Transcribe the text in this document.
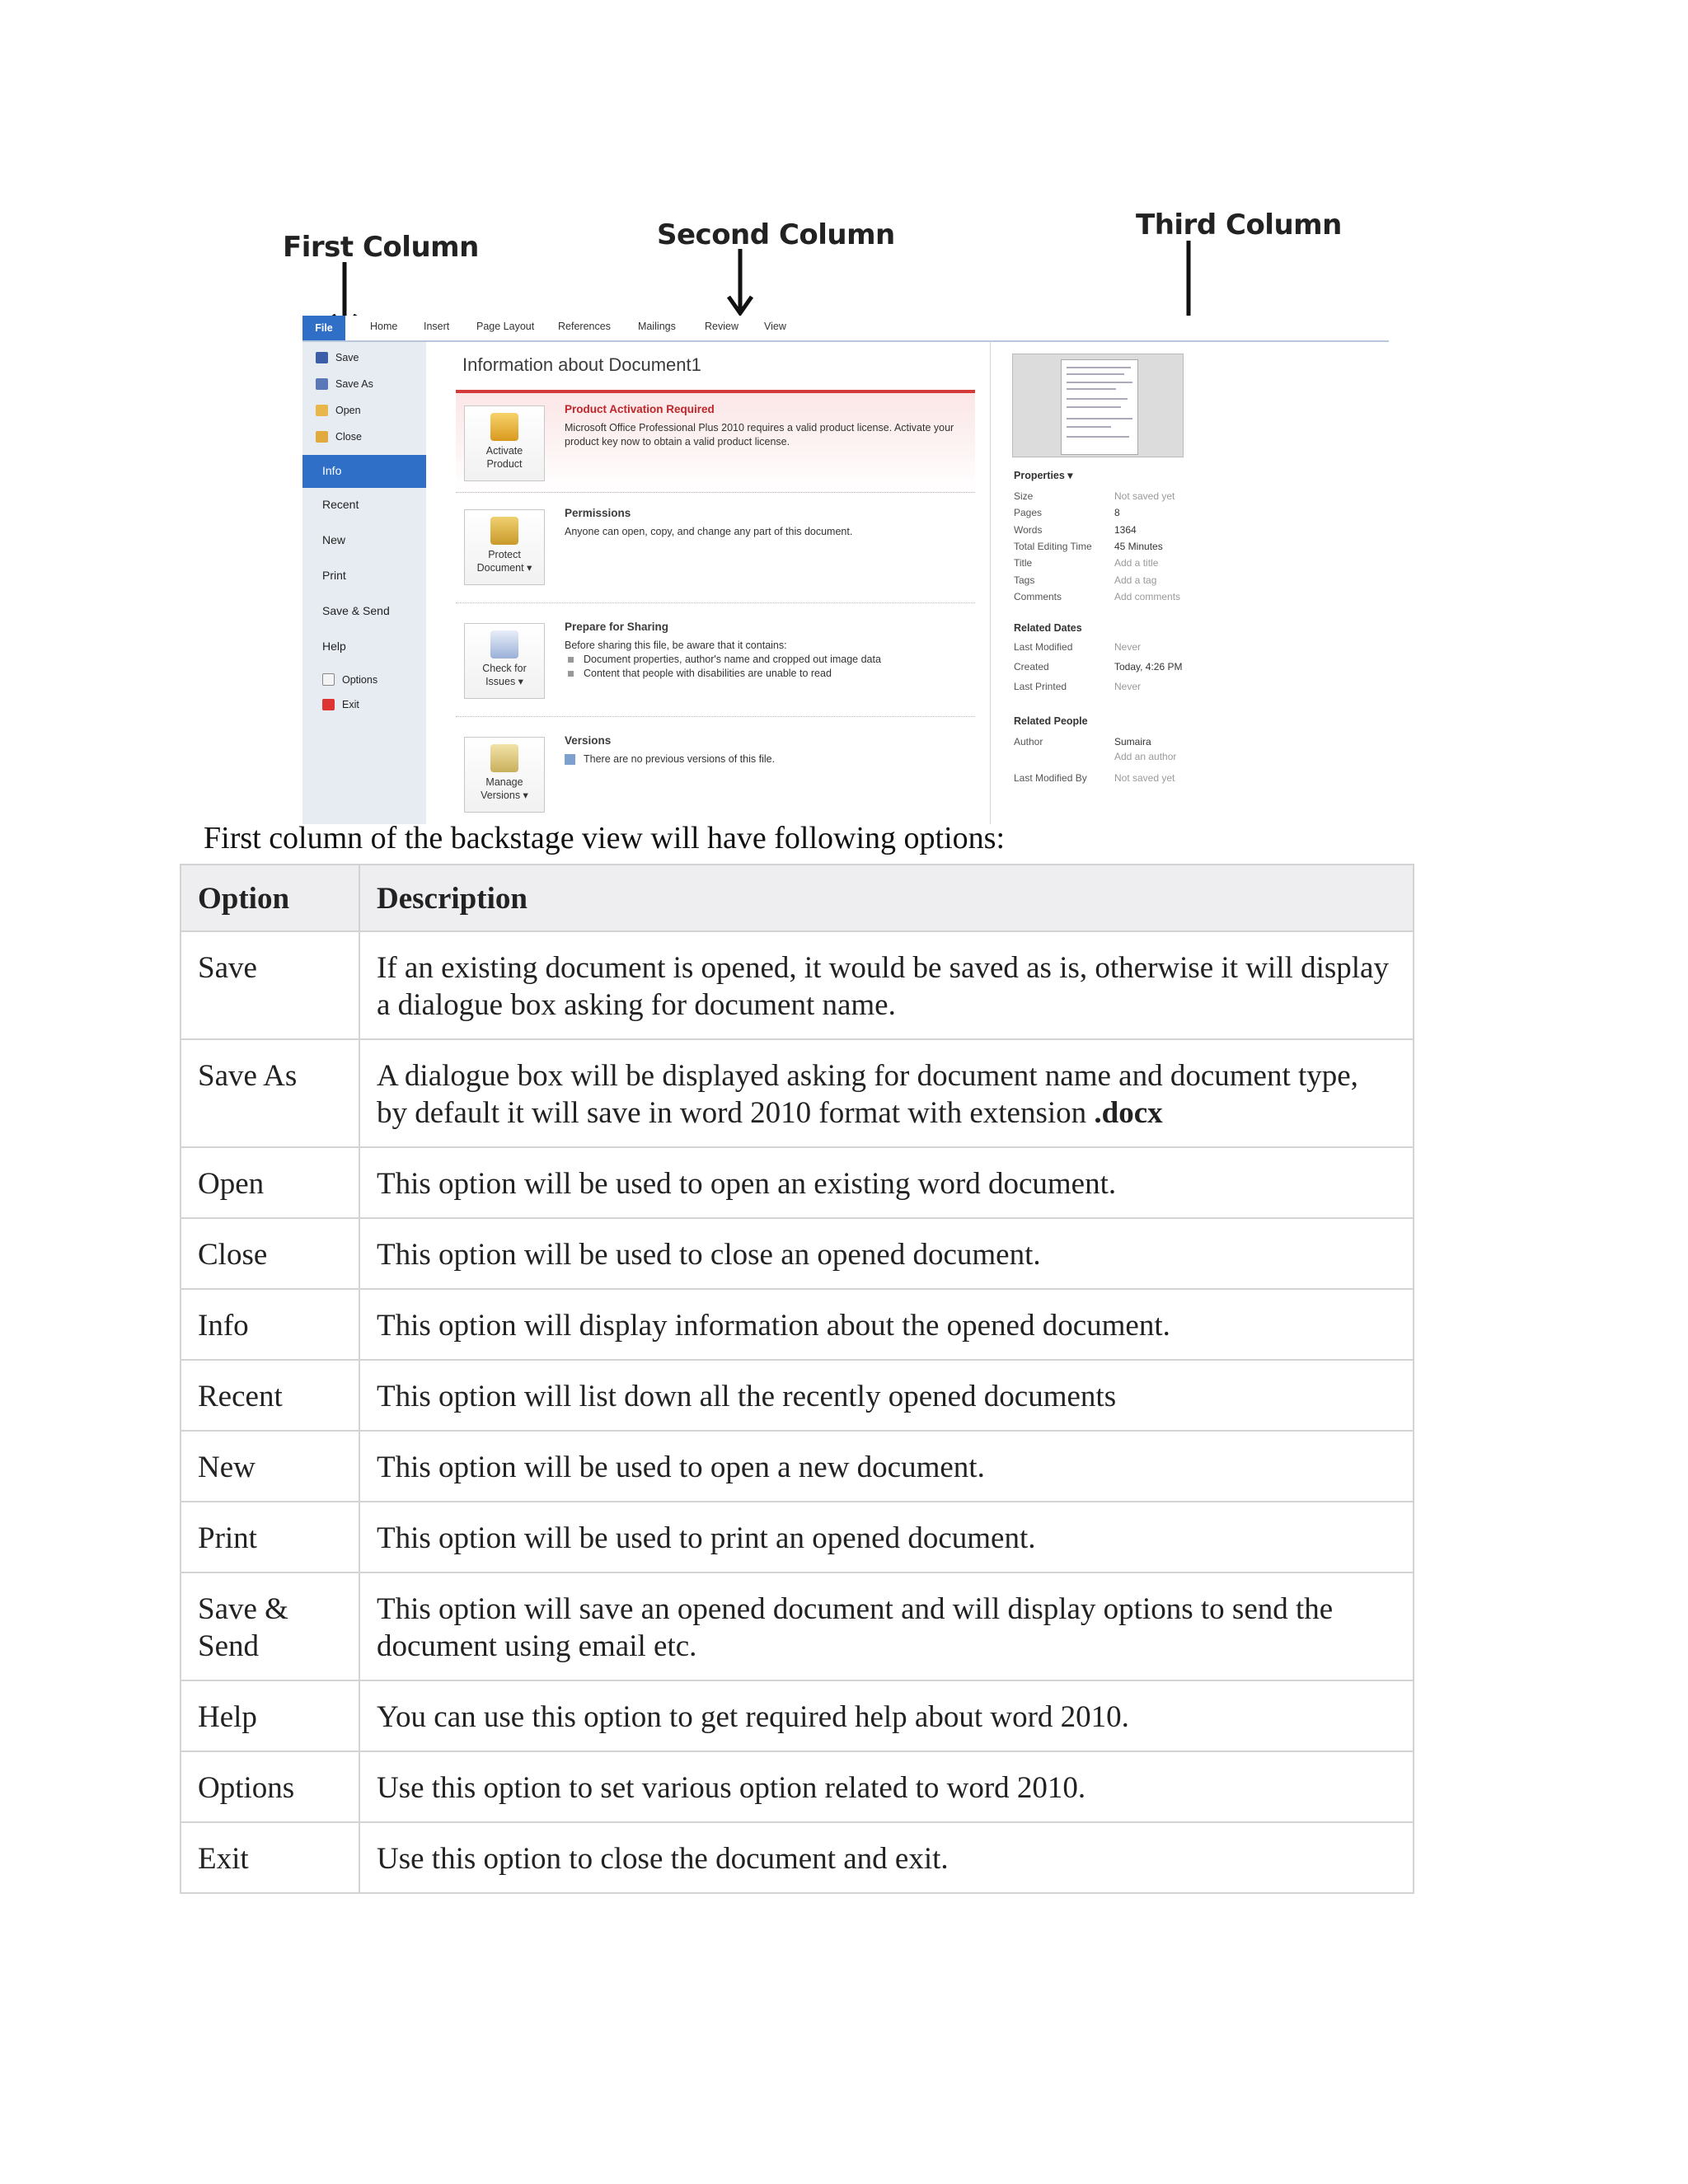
First Column	Second Column	Third Column
File	Home	Insert	Page Layout References	Mailings	Review View
Save
Save As
Open
Close
Info
Recent
New
Print
Save & Send
Help
Options
Exit
Information about Document1
Activate
Product
Product Activation Required
Microsoft Office Professional Plus 2010 requires a valid product license. Activate your product key now to obtain a valid product license.
Protect
Document ▾
Permissions
Anyone can open, copy, and change any part of this document.
Check for
Issues ▾
Prepare for Sharing
Before sharing this file, be aware that it contains:
Document properties, author's name and cropped out image data
Content that people with disabilities are unable to read
Manage
Versions ▾
Versions
There are no previous versions of this file.
Properties ▾
Size	Not saved yet
Pages	8
Words	1364
Total Editing Time 45 Minutes
Title	Add a title
Tags	Add a tag
Comments	Add comments
Related Dates
Last Modified	Never
Created	Today, 4:26 PM
Last Printed	Never
Related People
Author	Sumaira
Add an author
Last Modified By	Not saved yet
First column of the backstage view will have following options:
Option	Description
Save	If an existing document is opened, it would be saved as is, otherwise it will display a dialogue box asking for document name.
Save As	A dialogue box will be displayed asking for document name and document type, by default it will save in word 2010 format with extension .docx
Open	This option will be used to open an existing word document.
Close	This option will be used to close an opened document.
Info	This option will display information about the opened document.
Recent	This option will list down all the recently opened documents
New	This option will be used to open a new document.
Print	This option will be used to print an opened document.
Save & Send	This option will save an opened document and will display options to send the document using email etc.
Help	You can use this option to get required help about word 2010.
Options	Use this option to set various option related to word 2010.
Exit	Use this option to close the document and exit.
